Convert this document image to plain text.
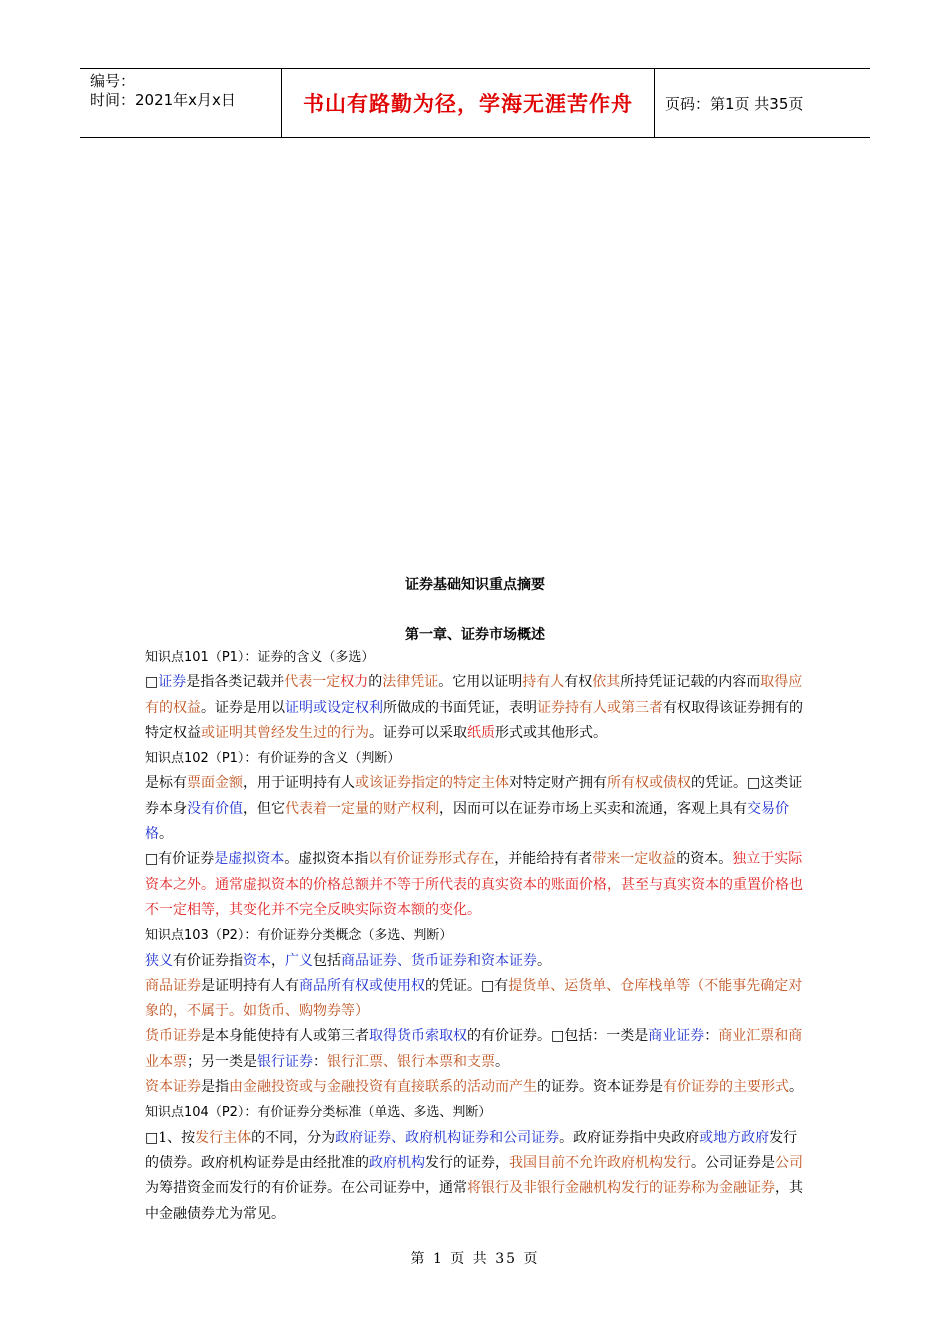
编号：
时间：2021年x月x日	书山有路勤为径，学海无涯苦作舟	页码：第1页 共35页
证券基础知识重点摘要
第一章、证券市场概述

知识点101（P1）：证券的含义（多选）

□证券是指各类记载并代表一定权力的法律凭证。它用以证明持有人有权依其所持凭证记载的内容而取得应有的权益。证券是用以证明或设定权利所做成的书面凭证，表明证券持有人或第三者有权取得该证券拥有的特定权益或证明其曾经发生过的行为。证券可以采取纸质形式或其他形式。

知识点102（P1）：有价证券的含义（判断）

是标有票面金额，用于证明持有人或该证券指定的特定主体对特定财产拥有所有权或债权的凭证。□这类证券本身没有价值，但它代表着一定量的财产权利，因而可以在证券市场上买卖和流通，客观上具有交易价格。

□有价证券是虚拟资本。虚拟资本指以有价证券形式存在，并能给持有者带来一定收益的资本。独立于实际资本之外。通常虚拟资本的价格总额并不等于所代表的真实资本的账面价格，甚至与真实资本的重置价格也不一定相等，其变化并不完全反映实际资本额的变化。

知识点103（P2）：有价证券分类概念（多选、判断）

狭义有价证券指资本，广义包括商品证券、货币证券和资本证券。

商品证券是证明持有人有商品所有权或使用权的凭证。□有提货单、运货单、仓库栈单等（不能事先确定对象的，不属于。如货币、购物券等）

货币证券是本身能使持有人或第三者取得货币索取权的有价证券。□包括：一类是商业证券：商业汇票和商业本票；另一类是银行证券：银行汇票、银行本票和支票。

资本证券是指由金融投资或与金融投资有直接联系的活动而产生的证券。资本证券是有价证券的主要形式。

知识点104（P2）：有价证券分类标准（单选、多选、判断）

□1、按发行主体的不同，分为政府证券、政府机构证券和公司证券。政府证券指中央政府或地方政府发行的债券。政府机构证券是由经批准的政府机构发行的证券，我国目前不允许政府机构发行。公司证券是公司为筹措资金而发行的有价证券。在公司证券中，通常将银行及非银行金融机构发行的证券称为金融证券，其中金融债券尤为常见。

第 1 页 共 35 页
